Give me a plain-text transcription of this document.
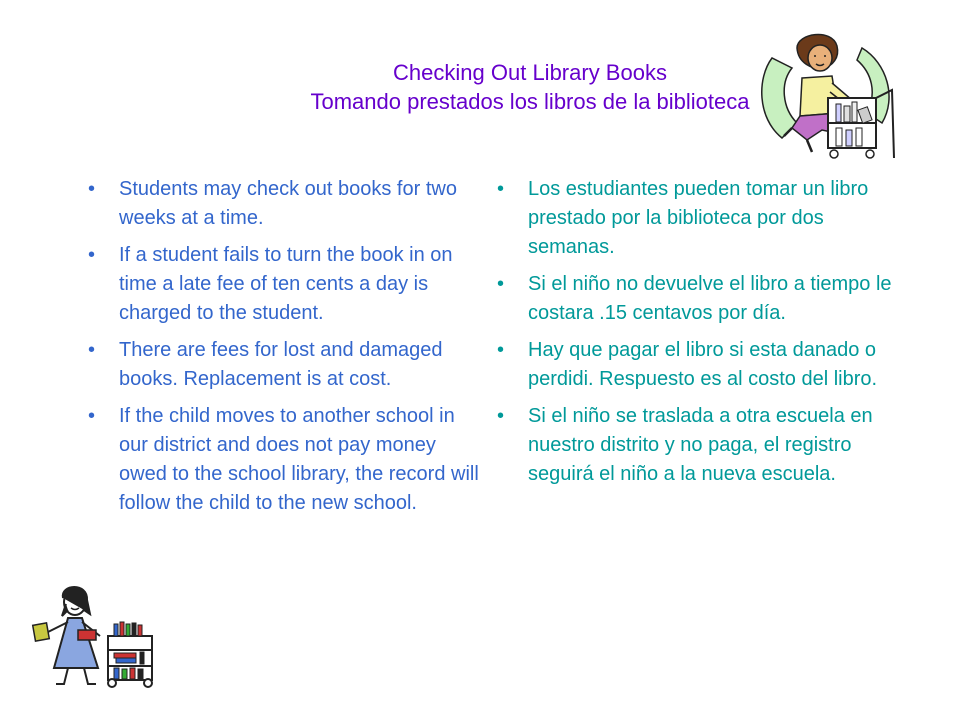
Checking Out Library Books
Tomando prestados los libros de la biblioteca
• Students may check out books for two weeks at a time.
• If a student fails to turn the book in on time a late fee of ten cents a day is charged to the student.
• There are fees for lost and damaged books. Replacement is at cost.
• If the child moves to another school in our district and does not pay money owed to the school library, the record will follow the child to the new school.
• Los estudiantes pueden tomar un libro prestado por la biblioteca por dos semanas.
• Si el niño no devuelve el libro a tiempo le costara .15 centavos por día.
• Hay que pagar el libro si esta danado o perdidi. Respuesto es al costo del libro.
• Si el niño se traslada a otra escuela en nuestro distrito y no paga, el registro seguirá el niño a la nueva escuela.
